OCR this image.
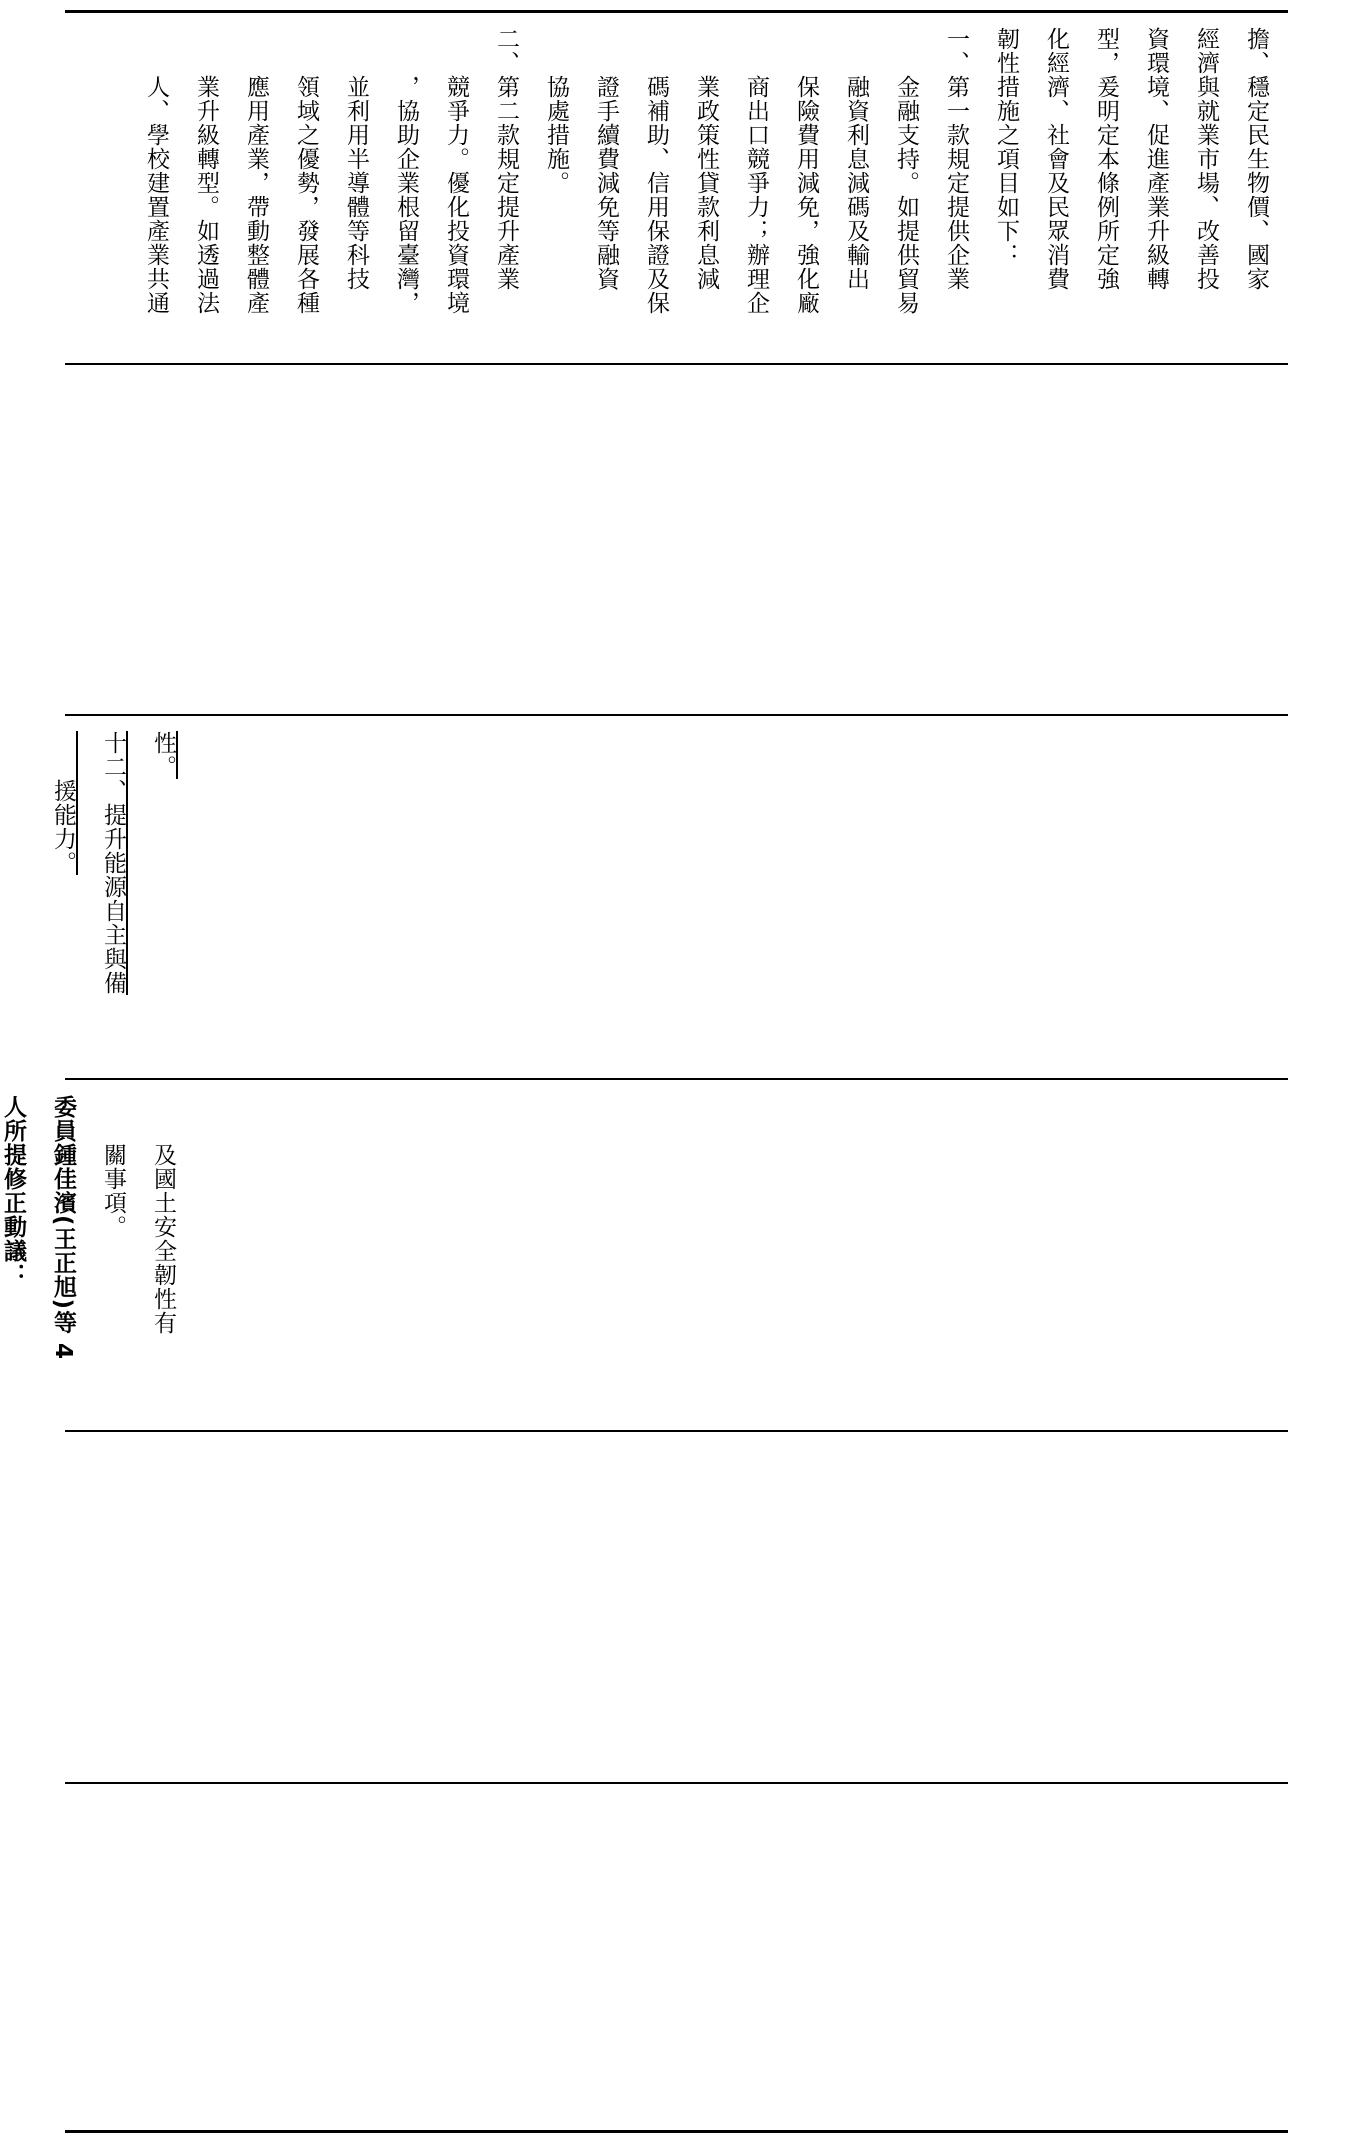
擔、穩定民生物價、國家
經濟與就業市場、改善投
資環境、促進產業升級轉
型，爰明定本條例所定強
化經濟、社會及民眾消費
韌性措施之項目如下：
一、第一款規定提供企業
　　金融支持。如提供貿易
　　融資利息減碼及輸出
　　保險費用減免，強化廠
　　商出口競爭力；辦理企
　　業政策性貸款利息減
　　碼補助、信用保證及保
　　證手續費減免等融資
　　協處措施。
二、第二款規定提升產業
　　競爭力。優化投資環境
　　，協助企業根留臺灣，
　　並利用半導體等科技
　　領域之優勢，發展各種
　　應用產業，帶動整體產
　　業升級轉型。如透過法
　　人、學校建置產業共通
性。
十二、提升能源自主與備
　　援能力。
　　及國土安全韌性有
　　關事項。
委員鍾佳濱(王正旭)等 4
人所提修正動議：
